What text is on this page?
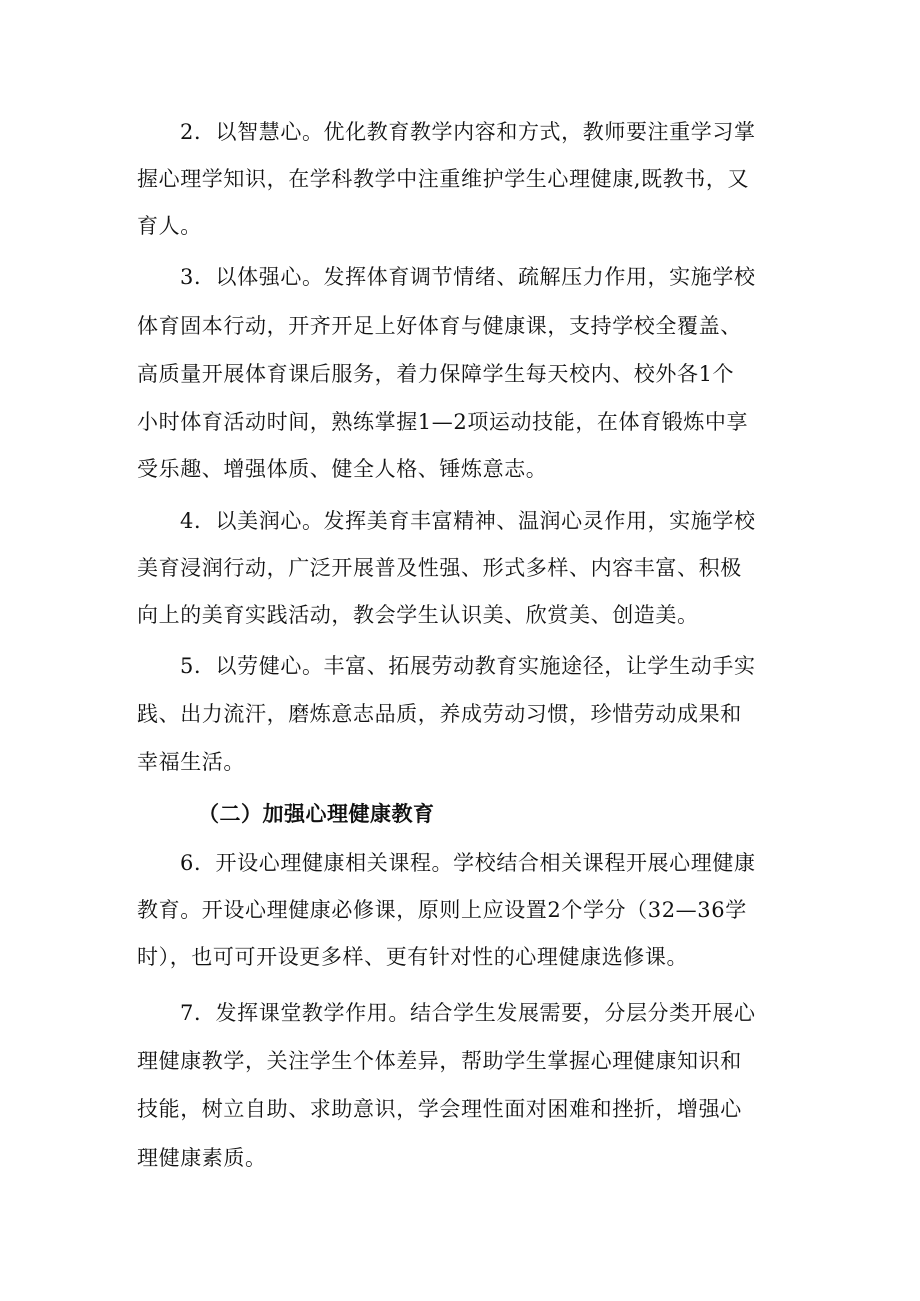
2．以智慧心。优化教育教学内容和方式，教师要注重学习掌
握心理学知识，在学科教学中注重维护学生心理健康,既教书，又
育人。
3．以体强心。发挥体育调节情绪、疏解压力作用，实施学校
体育固本行动，开齐开足上好体育与健康课，支持学校全覆盖、
高质量开展体育课后服务，着力保障学生每天校内、校外各1个
小时体育活动时间，熟练掌握1—2项运动技能，在体育锻炼中享
受乐趣、增强体质、健全人格、锤炼意志。
4．以美润心。发挥美育丰富精神、温润心灵作用，实施学校
美育浸润行动，广泛开展普及性强、形式多样、内容丰富、积极
向上的美育实践活动，教会学生认识美、欣赏美、创造美。
5．以劳健心。丰富、拓展劳动教育实施途径，让学生动手实
践、出力流汗，磨炼意志品质，养成劳动习惯，珍惜劳动成果和
幸福生活。
（二）加强心理健康教育
6．开设心理健康相关课程。学校结合相关课程开展心理健康
教育。开设心理健康必修课，原则上应设置2个学分（32—36学
时），也可可开设更多样、更有针对性的心理健康选修课。
7．发挥课堂教学作用。结合学生发展需要，分层分类开展心
理健康教学，关注学生个体差异，帮助学生掌握心理健康知识和
技能，树立自助、求助意识，学会理性面对困难和挫折，增强心
理健康素质。
